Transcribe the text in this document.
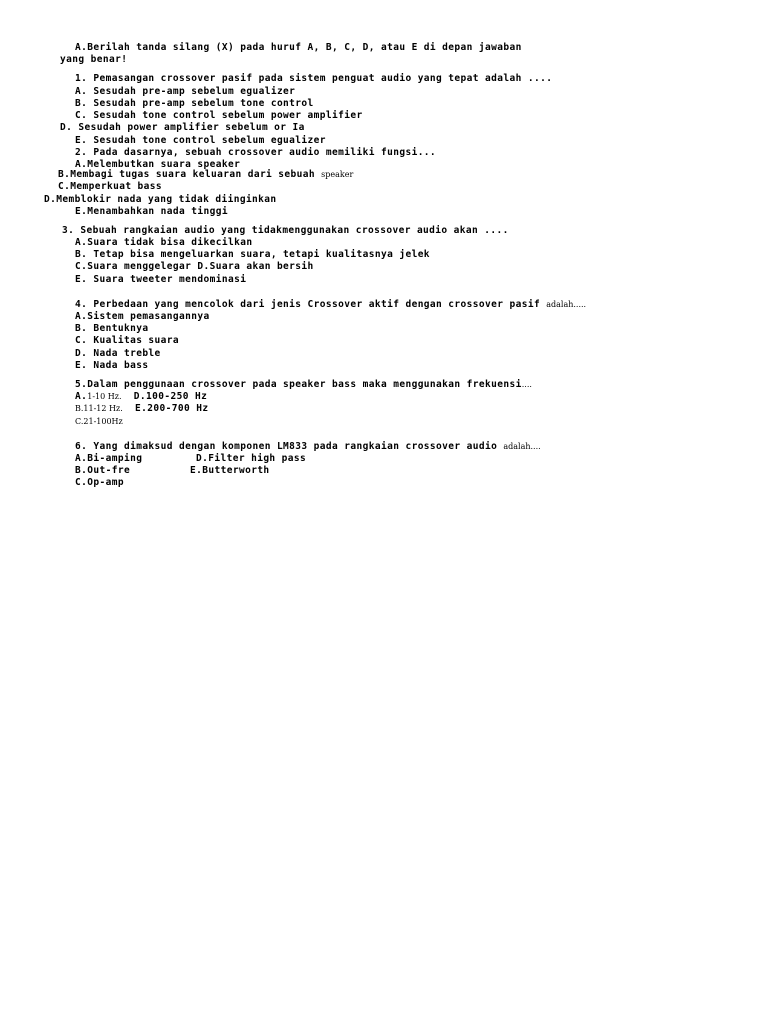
A.Berilah tanda silang (X) pada huruf A, B, C, D, atau E di depan jawaban
yang benar!
1. Pemasangan crossover pasif pada sistem penguat audio yang tepat adalah ....
A. Sesudah pre-amp sebelum egualizer
B. Sesudah pre-amp sebelum tone control
C. Sesudah tone control sebelum power amplifier
D. Sesudah power amplifier sebelum or Ia
E. Sesudah tone control sebelum egualizer
2. Pada dasarnya, sebuah crossover audio memiliki fungsi...
A.Melembutkan suara speaker
B.Membagi tugas suara keluaran dari sebuah speaker
C.Memperkuat bass
D.Memblokir nada yang tidak diinginkan
E.Menambahkan nada tinggi
3. Sebuah rangkaian audio yang tidakmenggunakan crossover audio akan ....
A.Suara tidak bisa dikecilkan
B. Tetap bisa mengeluarkan suara, tetapi kualitasnya jelek
C.Suara menggelegar D.Suara akan bersih
E. Suara tweeter mendominasi
4. Perbedaan yang mencolok dari jenis Crossover aktif dengan crossover pasif adalah.....
A.Sistem pemasangannya
B. Bentuknya
C. Kualitas suara
D. Nada treble
E. Nada bass
5.Dalam penggunaan crossover pada speaker bass maka menggunakan frekuensi....
A.1-10 Hz. D.100-250 Hz
B.11-12 Hz. E.200-700 Hz
C.21-100Hz
6. Yang dimaksud dengan komponen LM833 pada rangkaian crossover audio adalah....
A.Bi-amping	D.Filter high pass
B.Out-fre	E.Butterworth
C.Op-amp
